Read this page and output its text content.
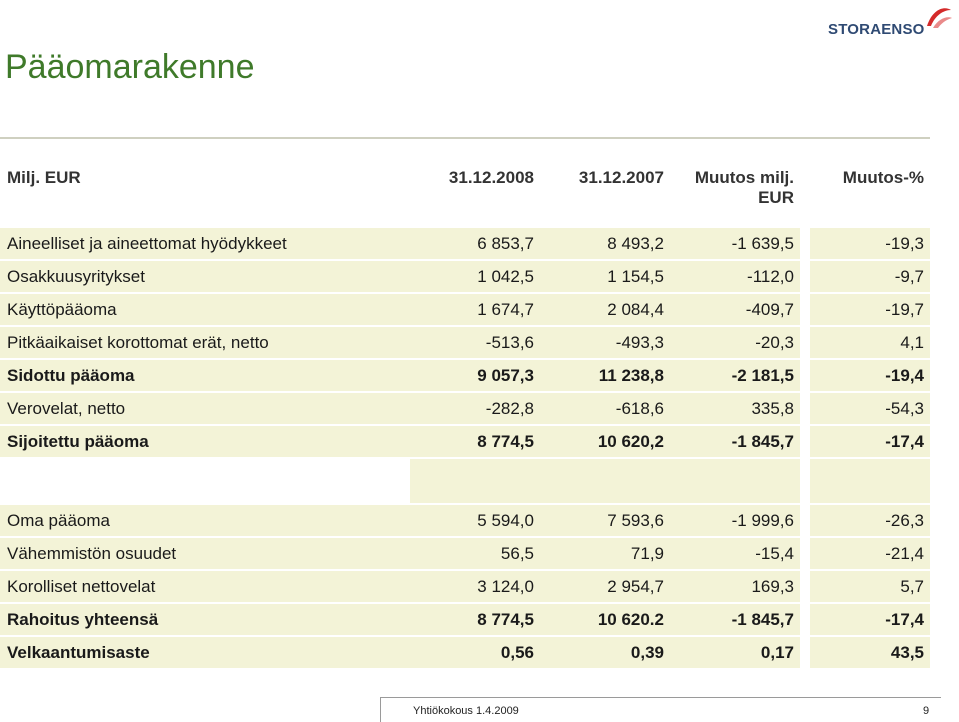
STORAENSO
Pääomarakenne
Milj. EUR	31.12.2008	31.12.2007	Muutos milj. EUR		Muutos-%
Aineelliset ja aineettomat hyödykkeet	6 853,7	8 493,2	-1 639,5		-19,3
Osakkuusyritykset	1 042,5	1 154,5	-112,0		-9,7
Käyttöpääoma	1 674,7	2 084,4	-409,7		-19,7
Pitkäaikaiset korottomat erät, netto	-513,6	-493,3	-20,3		4,1
Sidottu pääoma	9 057,3	11 238,8	-2 181,5		-19,4
Verovelat, netto	-282,8	-618,6	335,8		-54,3
Sijoitettu pääoma	8 774,5	10 620,2	-1 845,7		-17,4

Oma pääoma	5 594,0	7 593,6	-1 999,6		-26,3
Vähemmistön osuudet	56,5	71,9	-15,4		-21,4
Korolliset nettovelat	3 124,0	2 954,7	169,3		5,7
Rahoitus yhteensä	8 774,5	10 620.2	-1 845,7		-17,4
Velkaantumisaste	0,56	0,39	0,17		43,5
Yhtiökokous 1.4.2009	9
